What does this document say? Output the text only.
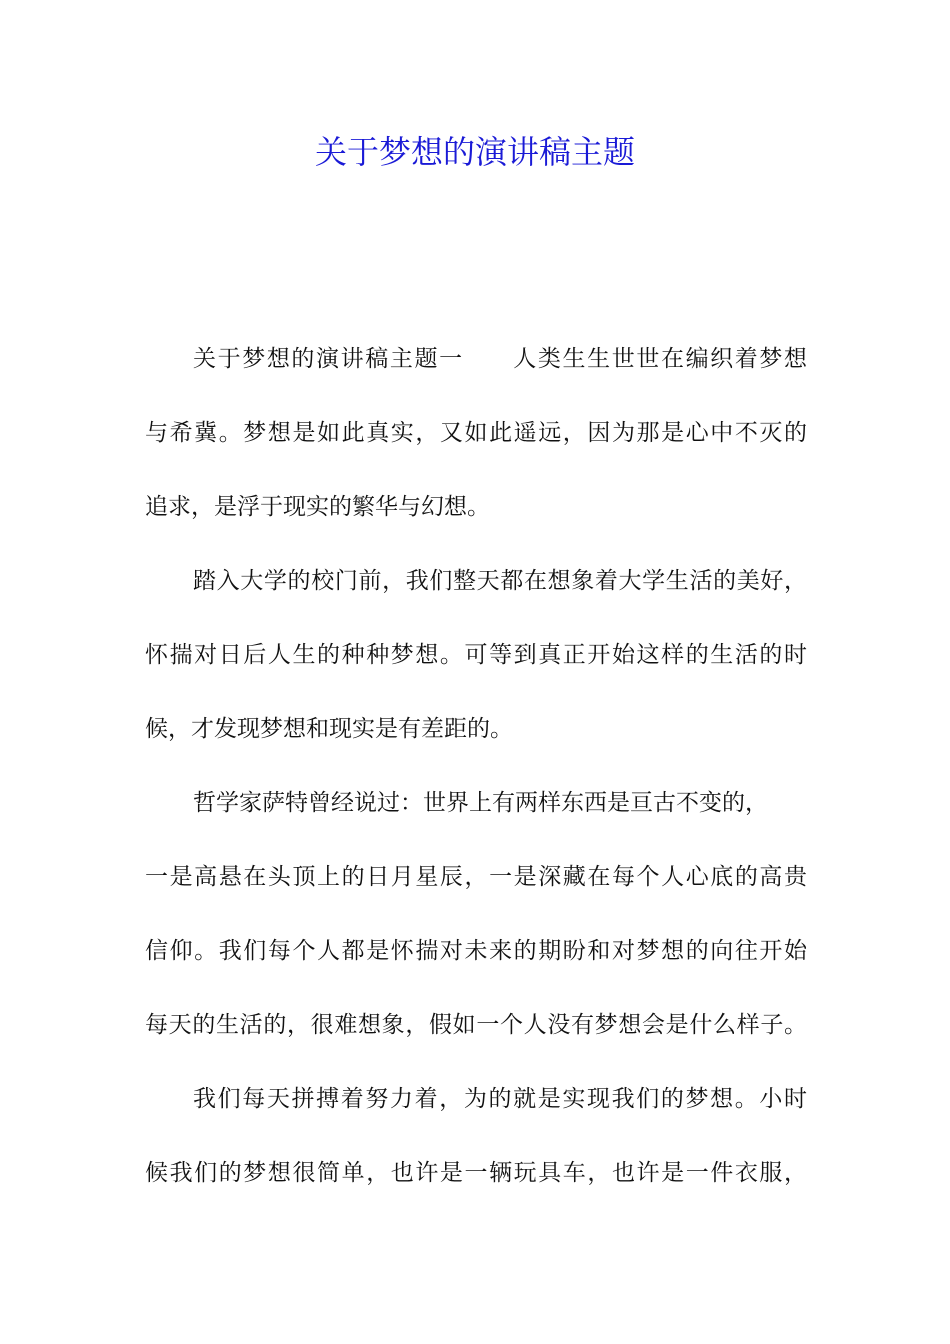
关于梦想的演讲稿主题
关于梦想的演讲稿主题一 人类生生世世在编织着梦想
与希冀。梦想是如此真实，又如此遥远，因为那是心中不灭的
追求，是浮于现实的繁华与幻想。
踏入大学的校门前，我们整天都在想象着大学生活的美好，
怀揣对日后人生的种种梦想。可等到真正开始这样的生活的时
候，才发现梦想和现实是有差距的。
哲学家萨特曾经说过：世界上有两样东西是亘古不变的，
一是高悬在头顶上的日月星辰，一是深藏在每个人心底的高贵
信仰。我们每个人都是怀揣对未来的期盼和对梦想的向往开始
每天的生活的，很难想象，假如一个人没有梦想会是什么样子。
我们每天拼搏着努力着，为的就是实现我们的梦想。小时
候我们的梦想很简单，也许是一辆玩具车，也许是一件衣服，
